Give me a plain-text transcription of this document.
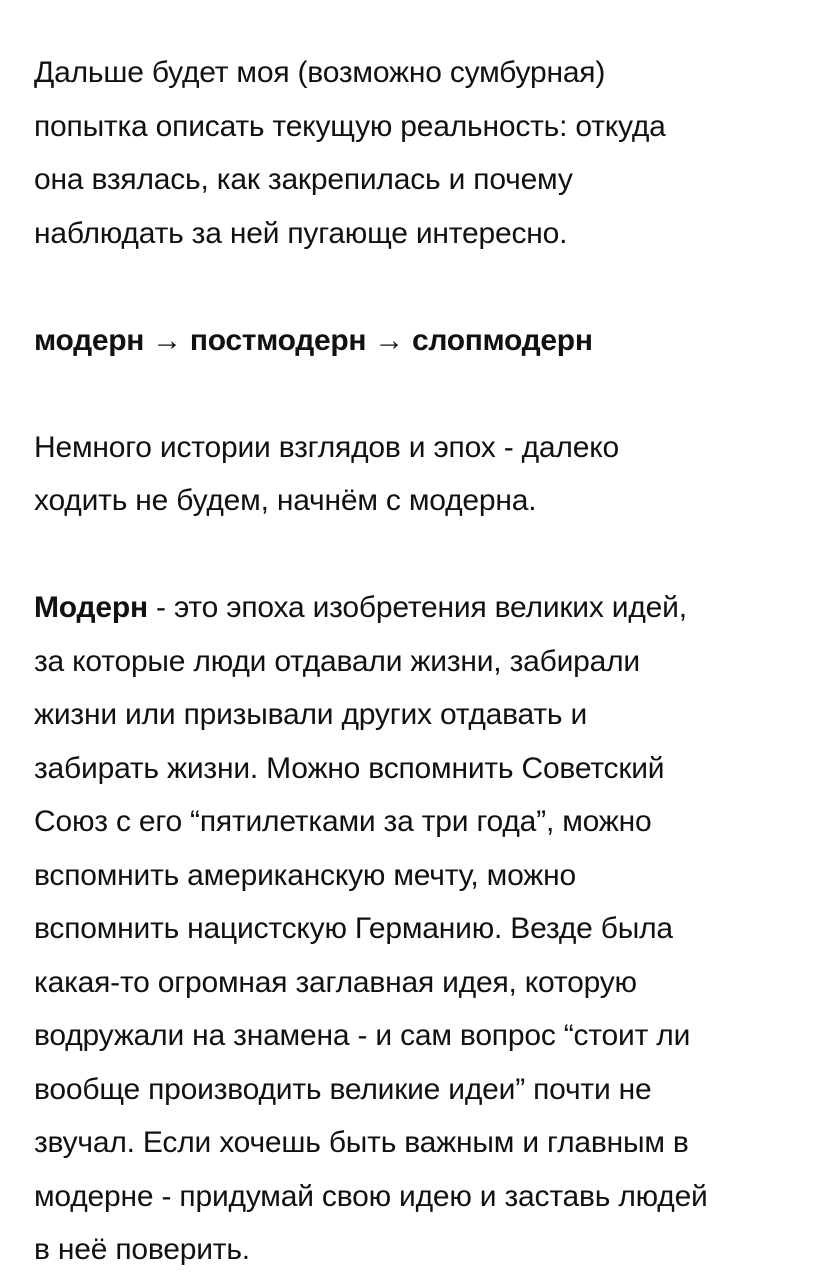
Дальше будет моя (возможно сумбурная)
попытка описать текущую реальность: откуда
она взялась, как закрепилась и почему
наблюдать за ней пугающе интересно.

модерн → постмодерн → слопмодерн

Немного истории взглядов и эпох - далеко
ходить не будем, начнём с модерна.

Модерн - это эпоха изобретения великих идей,
за которые люди отдавали жизни, забирали
жизни или призывали других отдавать и
забирать жизни. Можно вспомнить Советский
Союз с его “пятилетками за три года”, можно
вспомнить американскую мечту, можно
вспомнить нацистскую Германию. Везде была
какая-то огромная заглавная идея, которую
водружали на знамена - и сам вопрос “стоит ли
вообще производить великие идеи” почти не
звучал. Если хочешь быть важным и главным в
модерне - придумай свою идею и заставь людей
в неё поверить.
